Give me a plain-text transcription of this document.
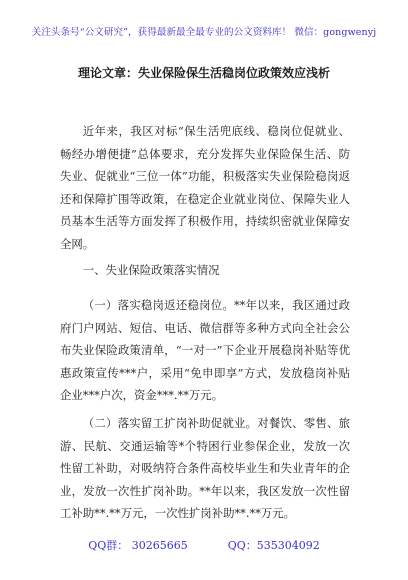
关注头条号“公文研究”，获得最新最全最专业的公文资料库！ 微信：gongwenyj
理论文章：失业保险保生活稳岗位政策效应浅析

近年来，我区对标“保生活兜底线、稳岗位促就业、畅经办增便捷”总体要求，充分发挥失业保险保生活、防失业、促就业“三位一体”功能，积极落实失业保险稳岗返还和保障扩围等政策，在稳定企业就业岗位、保障失业人员基本生活等方面发挥了积极作用，持续织密就业保障安全网。

一、失业保险政策落实情况

（一）落实稳岗返还稳岗位。**年以来，我区通过政府门户网站、短信、电话、微信群等多种方式向全社会公布失业保险政策清单，“一对一”下企业开展稳岗补贴等优惠政策宣传***户，采用“免申即享”方式，发放稳岗补贴企业***户次，资金***.**万元。

（二）落实留工扩岗补助促就业。对餐饮、零售、旅游、民航、交通运输等*个特困行业参保企业，发放一次性留工补助，对吸纳符合条件高校毕业生和失业青年的企业，发放一次性扩岗补助。**年以来，我区发放一次性留工补助**.**万元，一次性扩岗补助**.**万元。

QQ群： 30265665	QQ：535304092
